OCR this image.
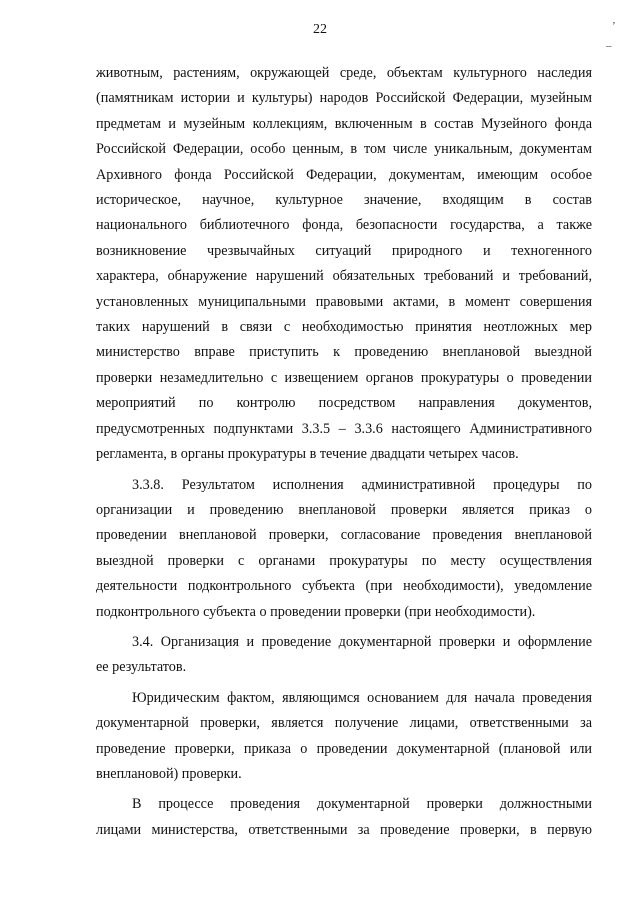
22	’
–
животным, растениям, окружающей среде, объектам культурного наследия
(памятникам истории и культуры) народов Российской Федерации, музейным
предметам и музейным коллекциям, включенным в состав Музейного фонда
Российской Федерации, особо ценным, в том числе уникальным, документам
Архивного фонда Российской Федерации, документам, имеющим особое
историческое, научное, культурное значение, входящим в состав
национального библиотечного фонда, безопасности государства, а также
возникновение чрезвычайных ситуаций природного и техногенного
характера, обнаружение нарушений обязательных требований и требований,
установленных муниципальными правовыми актами, в момент совершения
таких нарушений в связи с необходимостью принятия неотложных мер
министерство вправе приступить к проведению внеплановой выездной
проверки незамедлительно с извещением органов прокуратуры о проведении
мероприятий по контролю посредством направления документов,
предусмотренных подпунктами 3.3.5 – 3.3.6 настоящего Административного
регламента, в органы прокуратуры в течение двадцати четырех часов.
3.3.8. Результатом исполнения административной процедуры по
организации и проведению внеплановой проверки является приказ о
проведении внеплановой проверки, согласование проведения внеплановой
выездной проверки с органами прокуратуры по месту осуществления
деятельности подконтрольного субъекта (при необходимости), уведомление
подконтрольного субъекта о проведении проверки (при необходимости).
3.4. Организация и проведение документарной проверки и оформление
ее результатов.
Юридическим фактом, являющимся основанием для начала проведения
документарной проверки, является получение лицами, ответственными за
проведение проверки, приказа о проведении документарной (плановой или
внеплановой) проверки.
В процессе проведения документарной проверки должностными
лицами министерства, ответственными за проведение проверки, в первую
